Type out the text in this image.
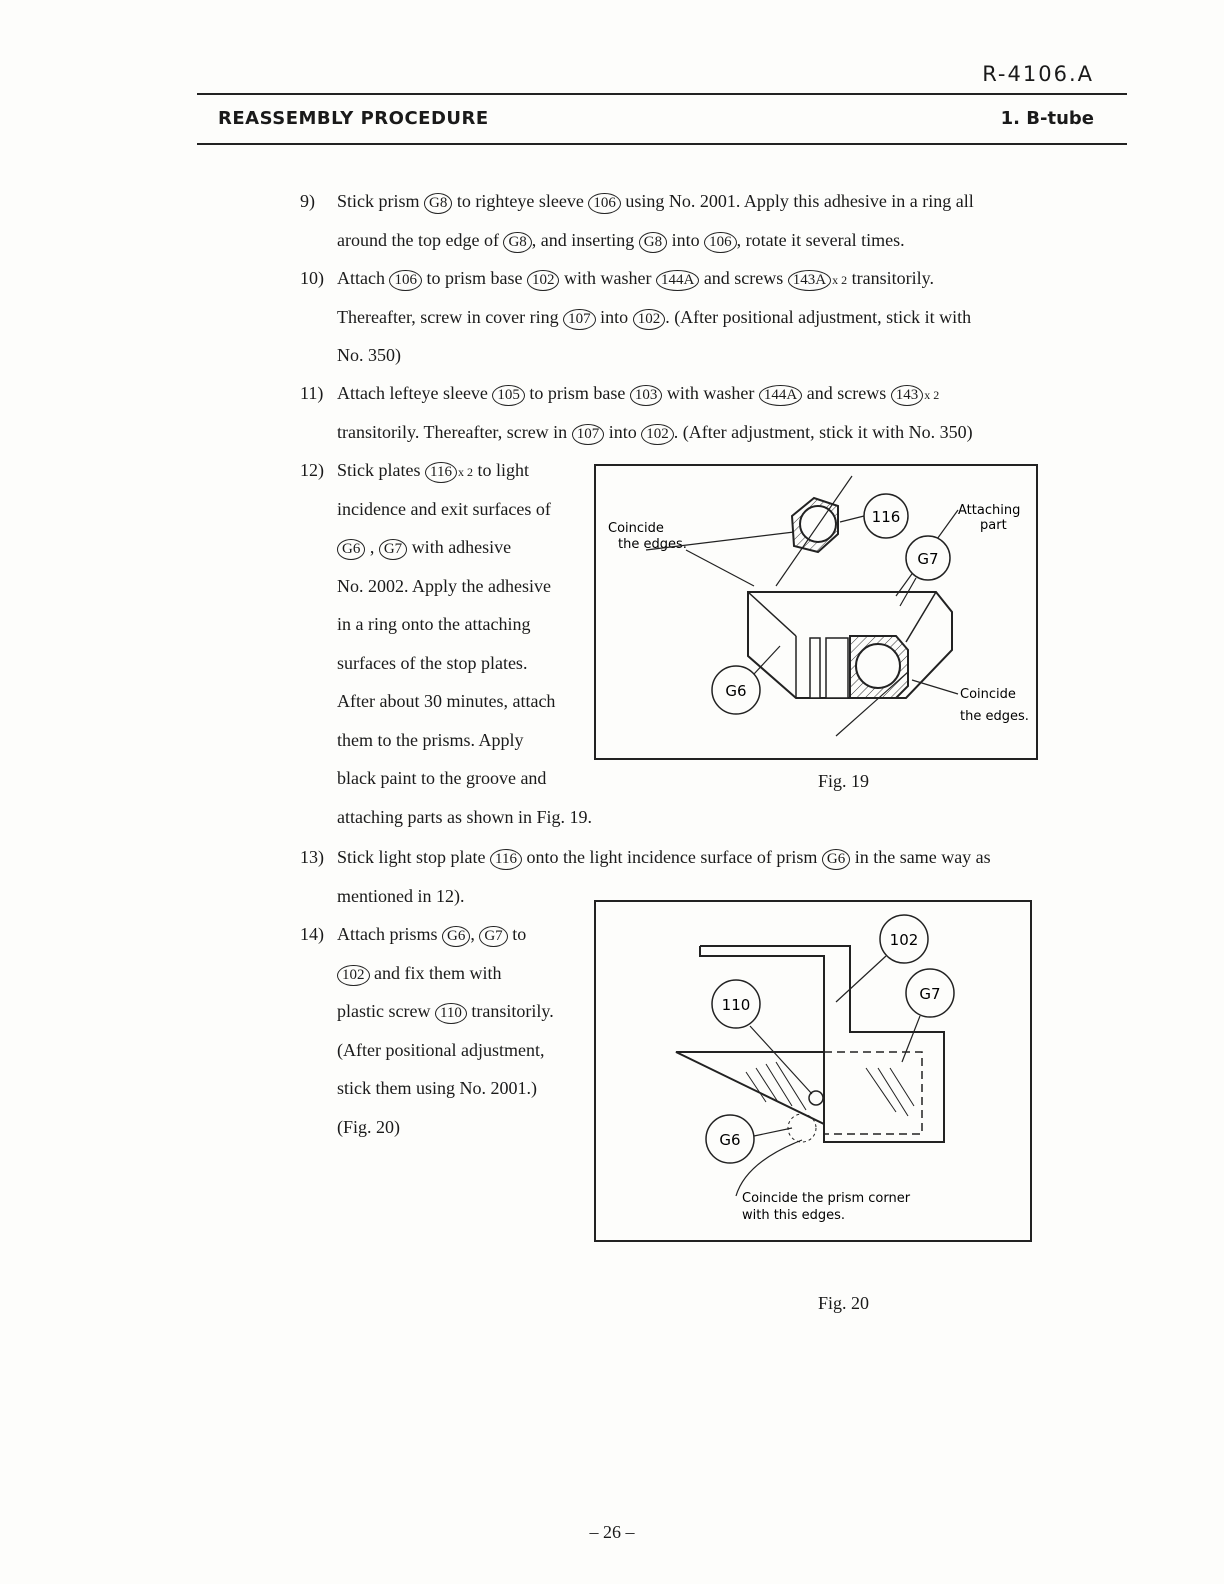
R-4106.A
REASSEMBLY PROCEDURE	1. B-tube
9) Stick prism G8 to righteye sleeve 106 using No. 2001. Apply this adhesive in a ring all
around the top edge of G8 , and inserting G8 into 106 , rotate it several times.
10) Attach 106 to prism base 102 with washer 144A and screws 143A x 2 transitorily.
Thereafter, screw in cover ring 107 into 102 . (After positional adjustment, stick it with
No. 350)
11) Attach lefteye sleeve 105 to prism base 103 with washer 144A and screws 143 x 2
transitorily. Thereafter, screw in 107 into 102 . (After adjustment, stick it with No. 350)
12) Stick plates 116 x 2 to light
incidence and exit surfaces of
G6 , G7 with adhesive
No. 2002. Apply the adhesive
in a ring onto the attaching
surfaces of the stop plates.
After about 30 minutes, attach
them to the prisms. Apply
black paint to the groove and
attaching parts as shown in Fig. 19.
13) Stick light stop plate 116 onto the light incidence surface of prism G6 in the same way as
mentioned in 12).
14) Attach prisms G6 , G7 to
102 and fix them with
plastic screw 110 transitorily.
(After positional adjustment,
stick them using No. 2001.)
(Fig. 20)
Coincide
the edges.
116	Attaching
part
G7
G6	Coincide
the edges.
Fig. 19
102
G7
110
G6
Coincide the prism corner
with this edges.
Fig. 20
– 26 –
